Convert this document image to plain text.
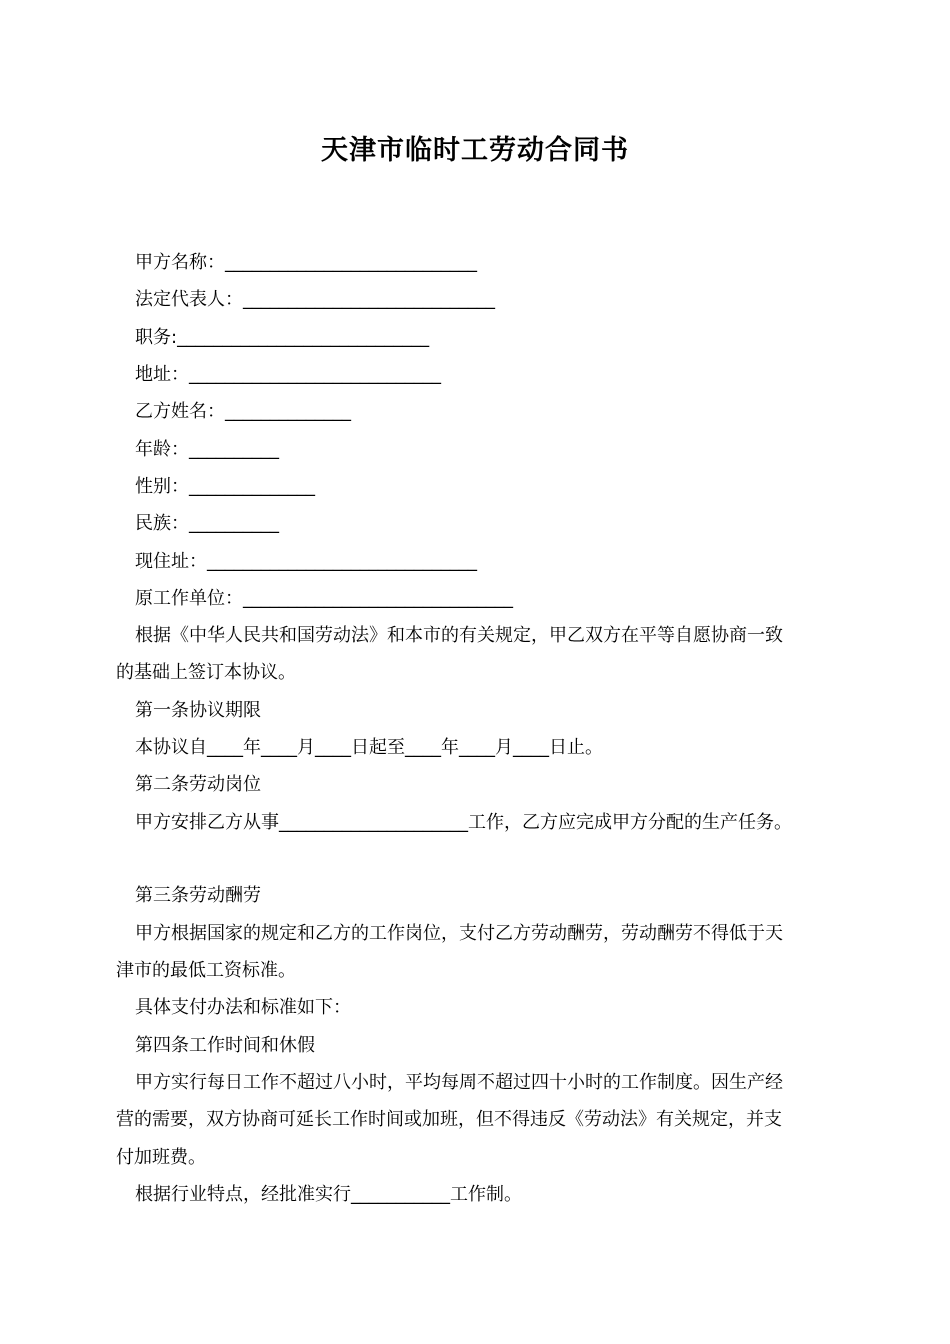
天津市临时工劳动合同书
甲方名称：____________________________
法定代表人：____________________________
职务:____________________________
地址：____________________________
乙方姓名：______________
年龄：__________
性别：______________
民族：__________
现住址：______________________________
原工作单位：______________________________
根据《中华人民共和国劳动法》和本市的有关规定，甲乙双方在平等自愿协商一致
的基础上签订本协议。
第一条协议期限
本协议自____年____月____日起至____年____月____日止。
第二条劳动岗位
甲方安排乙方从事_____________________工作，乙方应完成甲方分配的生产任务。
第三条劳动酬劳
甲方根据国家的规定和乙方的工作岗位，支付乙方劳动酬劳，劳动酬劳不得低于天
津市的最低工资标准。
具体支付办法和标准如下：
第四条工作时间和休假
甲方实行每日工作不超过八小时，平均每周不超过四十小时的工作制度。因生产经
营的需要，双方协商可延长工作时间或加班，但不得违反《劳动法》有关规定，并支
付加班费。
根据行业特点，经批准实行___________工作制。
